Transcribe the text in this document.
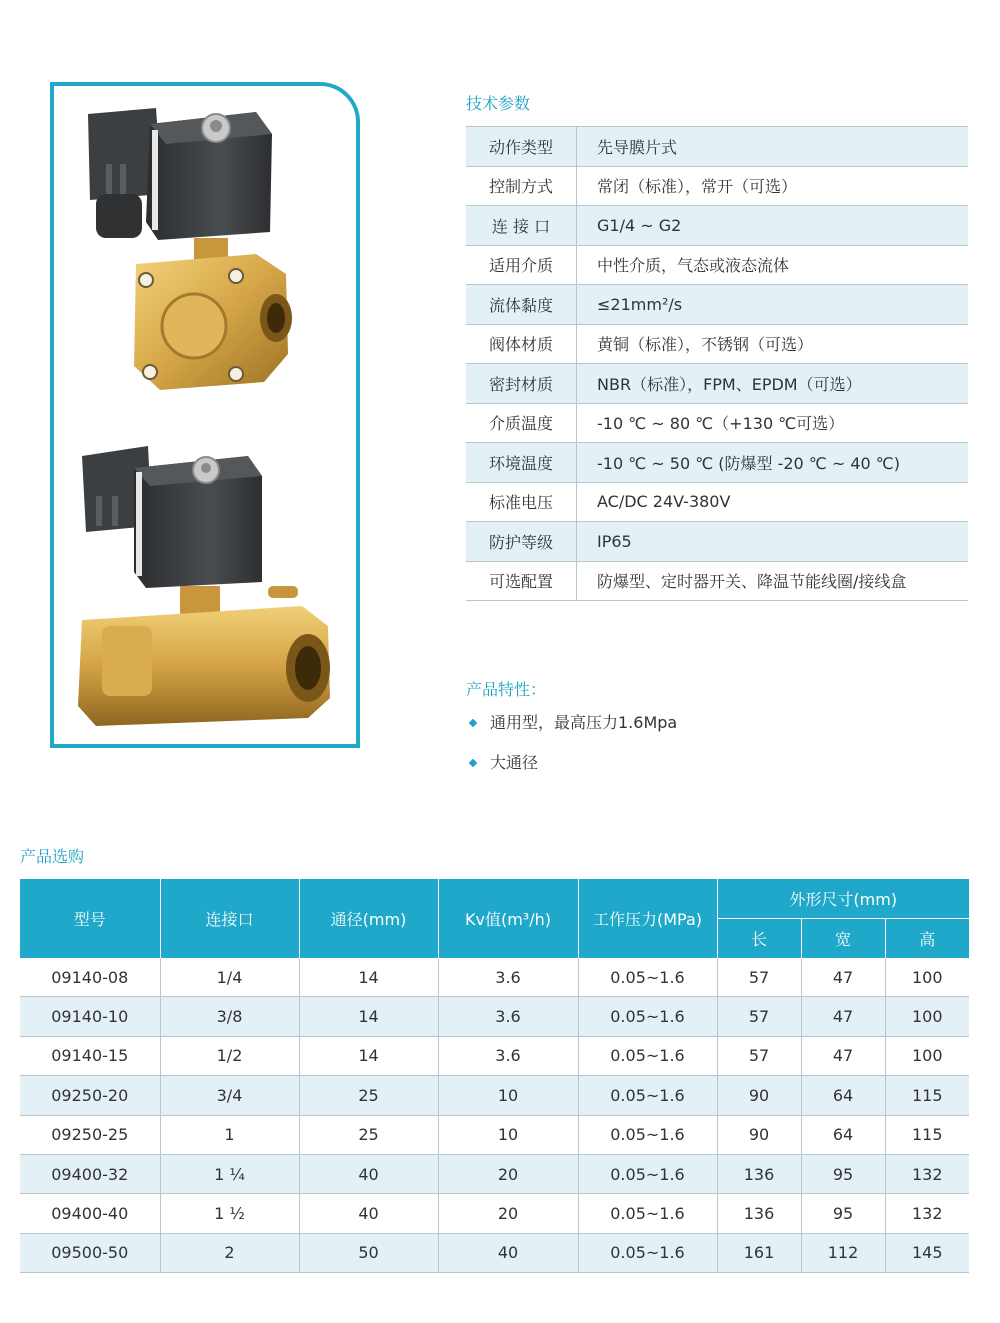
技术参数
动作类型	先导膜片式
控制方式	常闭（标准），常开（可选）
连 接 口	G1/4 ~ G2
适用介质	中性介质，气态或液态流体
流体黏度	≤21mm²/s
阀体材质	黄铜（标准），不锈钢（可选）
密封材质	NBR（标准），FPM、EPDM（可选）
介质温度	-10 ℃ ~ 80 ℃（+130 ℃可选）
环境温度	-10 ℃ ~ 50 ℃ (防爆型 -20 ℃ ~ 40 ℃)
标准电压	AC/DC 24V-380V
防护等级	IP65
可选配置	防爆型、定时器开关、降温节能线圈/接线盒
产品特性：
通用型，最高压力1.6Mpa
大通径
产品选购
型号	连接口	通径(mm)	Kv值(m³/h)	工作压力(MPa)	外形尺寸(mm)		
					长	宽	高
09140-08	1/4	14	3.6	0.05~1.6	57	47	100
09140-10	3/8	14	3.6	0.05~1.6	57	47	100
09140-15	1/2	14	3.6	0.05~1.6	57	47	100
09250-20	3/4	25	10	0.05~1.6	90	64	115
09250-25	1	25	10	0.05~1.6	90	64	115
09400-32	1 ¼	40	20	0.05~1.6	136	95	132
09400-40	1 ½	40	20	0.05~1.6	136	95	132
09500-50	2	50	40	0.05~1.6	161	112	145
